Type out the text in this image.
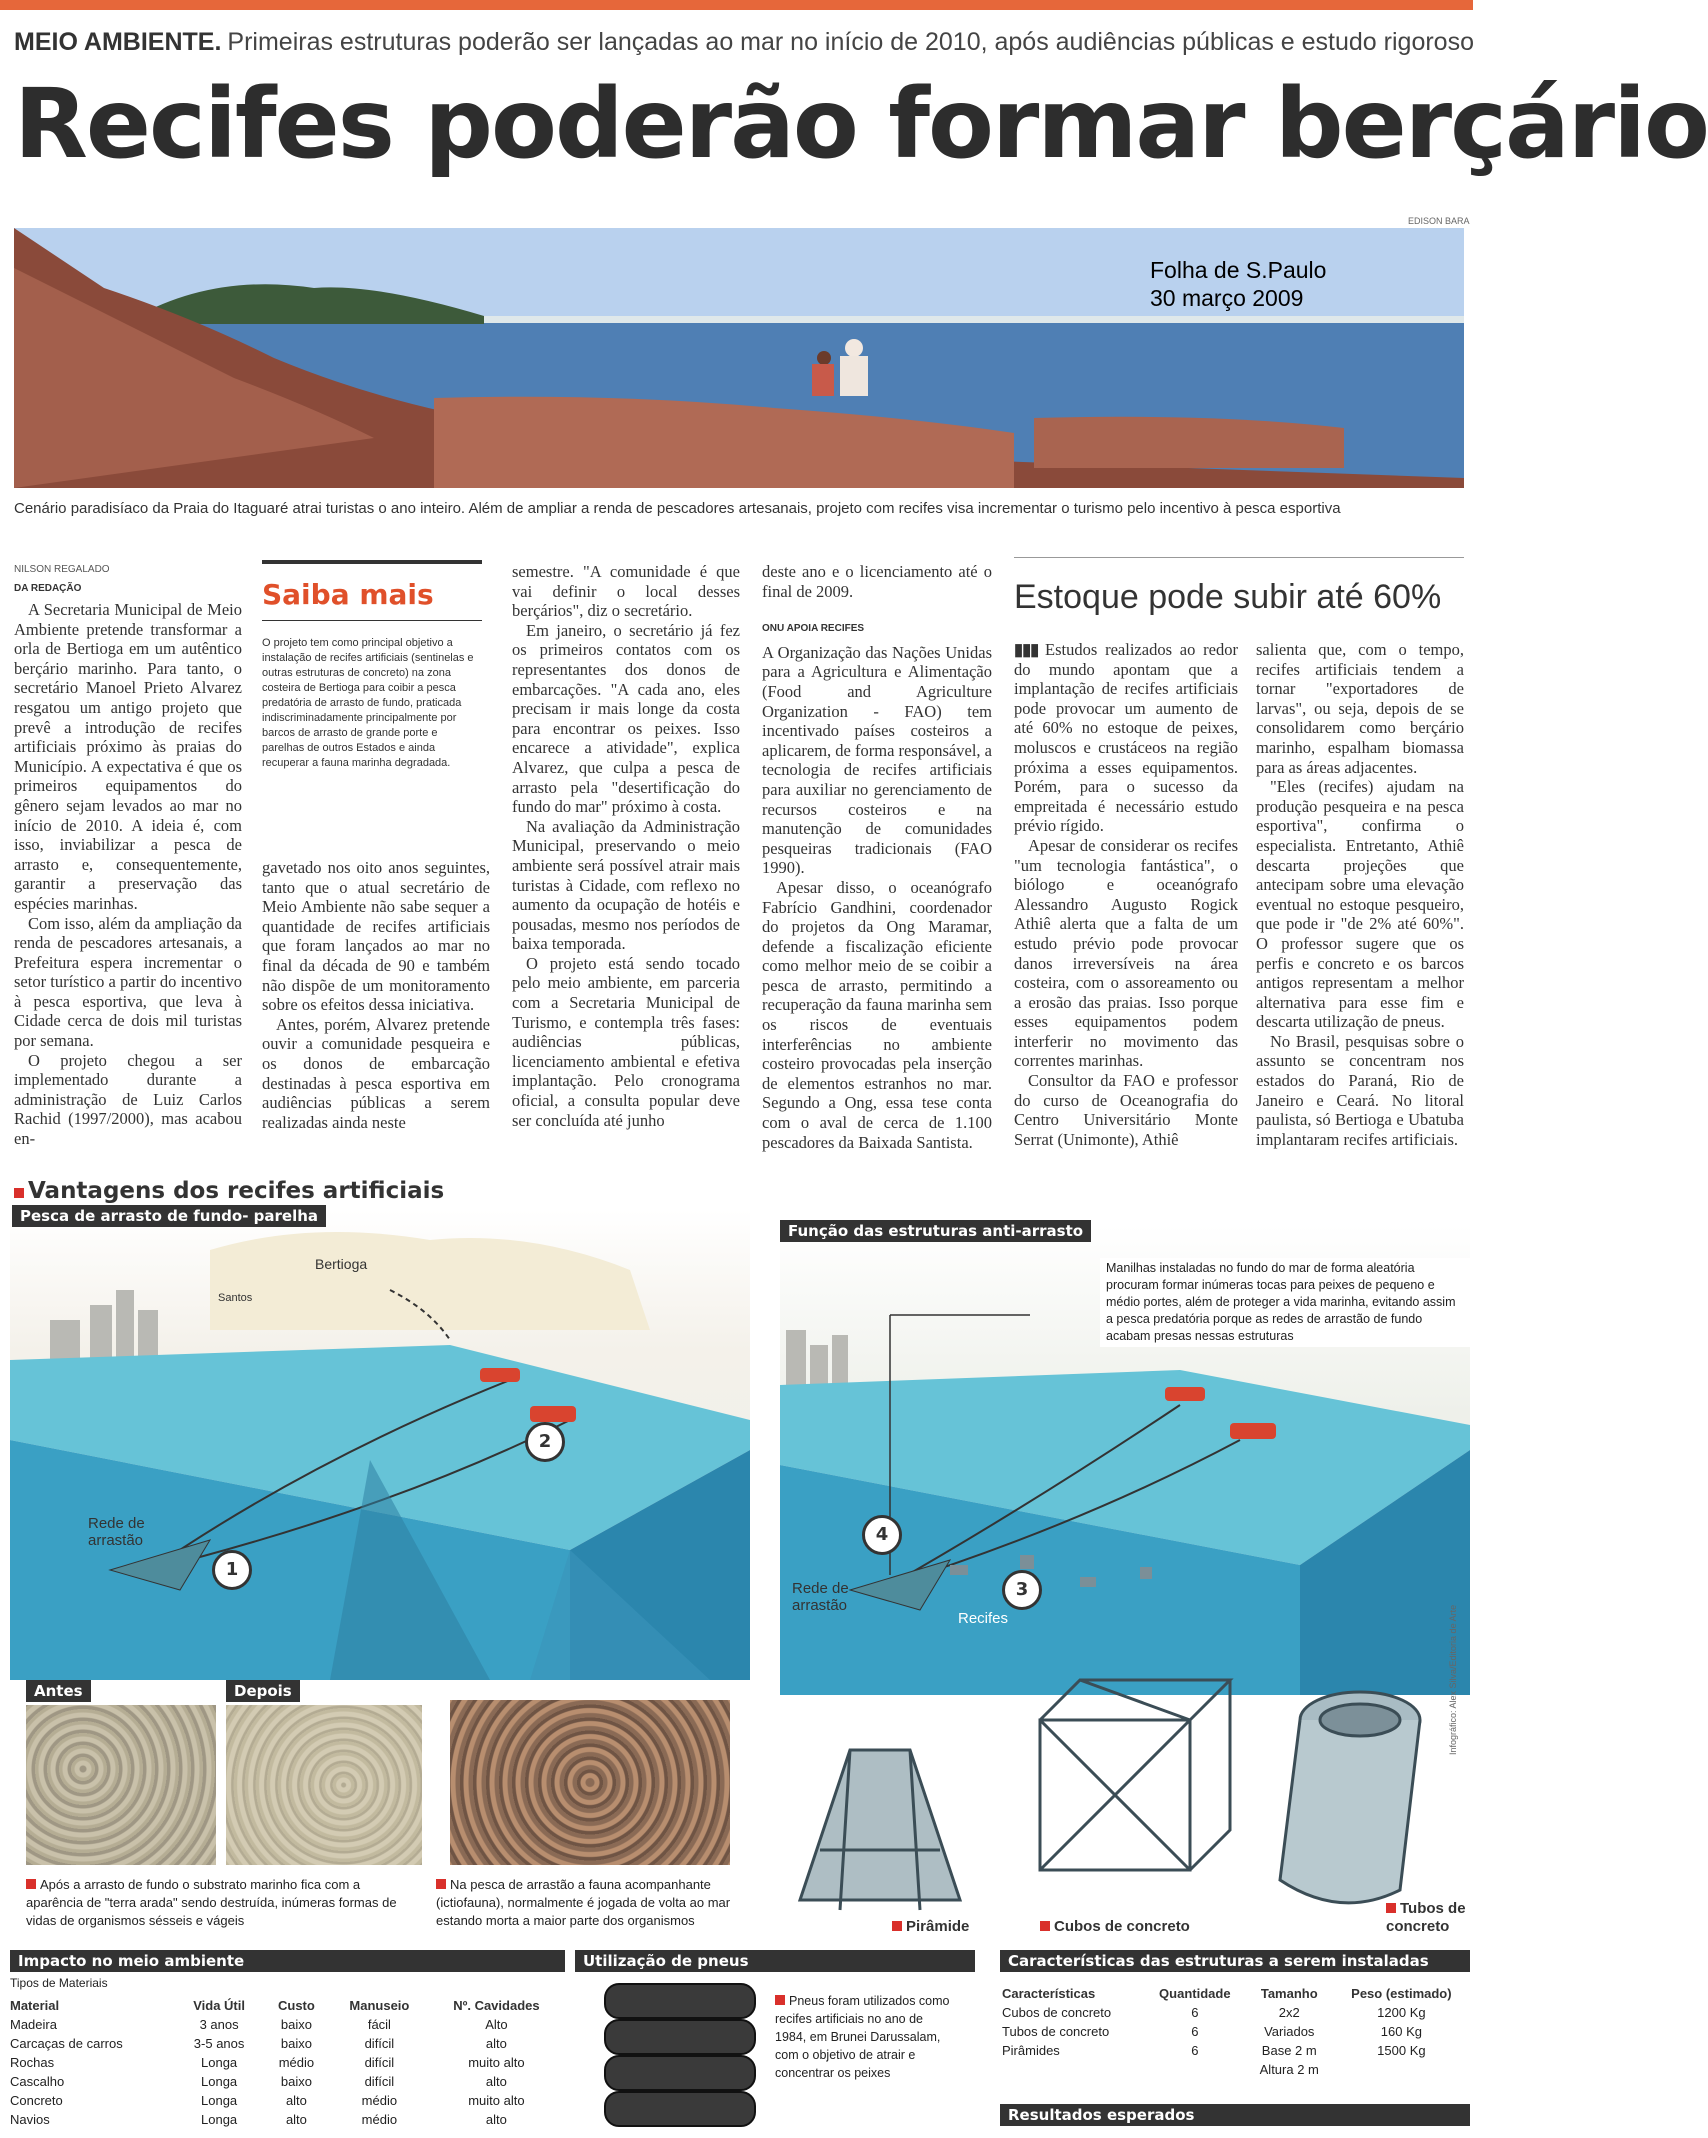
MEIO AMBIENTE. Primeiras estruturas poderão ser lançadas ao mar no início de 2010, após audiências públicas e estudo rigoroso
Recifes poderão formar berçário
EDISON BARA
Folha de S.Paulo
30 março 2009
Cenário paradisíaco da Praia do Itaguaré atrai turistas o ano inteiro. Além de ampliar a renda de pescadores artesanais, projeto com recifes visa incrementar o turismo pelo incentivo à pesca esportiva
NILSON REGALADO
DA REDAÇÃO

A Secretaria Municipal de Meio Ambiente pretende transformar a orla de Bertioga em um autêntico berçário marinho. Para tanto, o secretário Manoel Prieto Alvarez resgatou um antigo projeto que prevê a introdução de recifes artificiais próximo às praias do Município. A expectativa é que os primeiros equipamentos do gênero sejam levados ao mar no início de 2010. A ideia é, com isso, inviabilizar a pesca de arrasto e, consequentemente, garantir a preservação das espécies marinhas.

Com isso, além da ampliação da renda de pescadores artesanais, a Prefeitura espera incrementar o setor turístico a partir do incentivo à pesca esportiva, que leva à Cidade cerca de dois mil turistas por semana.

O projeto chegou a ser implementado durante a administração de Luiz Carlos Rachid (1997/2000), mas acabou en-

Saiba mais
O projeto tem como principal objetivo a instalação de recifes artificiais (sentinelas e outras estruturas de concreto) na zona costeira de Bertioga para coibir a pesca predatória de arrasto de fundo, praticada indiscriminadamente principalmente por barcos de arrasto de grande porte e parelhas de outros Estados e ainda recuperar a fauna marinha degradada.

gavetado nos oito anos seguintes, tanto que o atual secretário de Meio Ambiente não sabe sequer a quantidade de recifes artificiais que foram lançados ao mar no final da década de 90 e também não dispõe de um monitoramento sobre os efeitos dessa iniciativa.

Antes, porém, Alvarez pretende ouvir a comunidade pesqueira e os donos de embarcação destinadas à pesca esportiva em audiências públicas a serem realizadas ainda neste

semestre. "A comunidade é que vai definir o local desses berçários", diz o secretário.

Em janeiro, o secretário já fez os primeiros contatos com os representantes dos donos de embarcações. "A cada ano, eles precisam ir mais longe da costa para encontrar os peixes. Isso encarece a atividade", explica Alvarez, que culpa a pesca de arrasto pela "desertificação do fundo do mar" próximo à costa.

Na avaliação da Administração Municipal, preservando o meio ambiente será possível atrair mais turistas à Cidade, com reflexo no aumento da ocupação de hotéis e pousadas, mesmo nos períodos de baixa temporada.

O projeto está sendo tocado pelo meio ambiente, em parceria com a Secretaria Municipal de Turismo, e contempla três fases: audiências públicas, licenciamento ambiental e efetiva implantação. Pelo cronograma oficial, a consulta popular deve ser concluída até junho

deste ano e o licenciamento até o final de 2009.

ONU APOIA RECIFES

A Organização das Nações Unidas para a Agricultura e Alimentação (Food and Agriculture Organization - FAO) tem incentivado países costeiros a aplicarem, de forma responsável, a tecnologia de recifes artificiais para auxiliar no gerenciamento de recursos costeiros e na manutenção de comunidades pesqueiras tradicionais (FAO 1990).

Apesar disso, o oceanógrafo Fabrício Gandhini, coordenador do projetos da Ong Maramar, defende a fiscalização eficiente como melhor meio de se coibir a pesca de arrasto, permitindo a recuperação da fauna marinha sem os riscos de eventuais interferências no ambiente costeiro provocadas pela inserção de elementos estranhos no mar. Segundo a Ong, essa tese conta com o aval de cerca de 1.100 pescadores da Baixada Santista.

Estoque pode subir até 60%

▮▮▮ Estudos realizados ao redor do mundo apontam que a implantação de recifes artificiais pode provocar um aumento de até 60% no estoque de peixes, moluscos e crustáceos na região próxima a esses equipamentos. Porém, para o sucesso da empreitada é necessário estudo prévio rígido.

Apesar de considerar os recifes "um tecnologia fantástica", o biólogo e oceanógrafo Alessandro Augusto Rogick Athiê alerta que a falta de um estudo prévio pode provocar danos irreversíveis na área costeira, com o assoreamento ou a erosão das praias. Isso porque esses equipamentos podem interferir no movimento das correntes marinhas.

Consultor da FAO e professor do curso de Oceanografia do Centro Universitário Monte Serrat (Unimonte), Athiê

salienta que, com o tempo, recifes artificiais tendem a tornar "exportadores de larvas", ou seja, depois de se consolidarem como berçário marinho, espalham biomassa para as áreas adjacentes.

"Eles (recifes) ajudam na produção pesqueira e na pesca esportiva", confirma o especialista. Entretanto, Athiê descarta projeções que antecipam sobre uma elevação eventual no estoque pesqueiro, que pode ir "de 2% até 60%". O professor sugere que os perfis e concreto e os barcos antigos representam a melhor alternativa para esse fim e descarta utilização de pneus.

No Brasil, pesquisas sobre o assunto se concentram nos estados do Paraná, Rio de Janeiro e Ceará. No litoral paulista, só Bertioga e Ubatuba implantaram recifes artificiais.

Vantagens dos recifes artificiais
Pesca de arrasto de fundo- parelha
Bertioga
Santos
Rede de arrastão
1
2
Função das estruturas anti-arrasto
Manilhas instaladas no fundo do mar de forma aleatória procuram formar inúmeras tocas para peixes de pequeno e médio portes, além de proteger a vida marinha, evitando assim a pesca predatória porque as redes de arrastão de fundo acabam presas nessas estruturas
Rede de arrastão
Recifes
4
3
Infográfico: Alex Silva/Editoria de Arte
Antes	Depois
Após a arrasto de fundo o substrato marinho fica com a aparência de "terra arada" sendo destruída, inúmeras formas de vidas de organismos sésseis e vágeis
Na pesca de arrastão a fauna acompanhante (ictiofauna), normalmente é jogada de volta ao mar estando morta a maior parte dos organismos	Pirâmide	Cubos de concreto
Tubos de concreto
Impacto no meio ambiente
Tipos de Materiais
Material	Vida Útil	Custo	Manuseio	Nº. Cavidades
Madeira	3 anos	baixo	fácil	Alto
Carcaças de carros	3-5 anos	baixo	difícil	alto
Rochas	Longa	médio	difícil	muito alto
Cascalho	Longa	baixo	difícil	alto
Concreto	Longa	alto	médio	muito alto
Navios	Longa	alto	médio	alto
Utilização de pneus
Pneus foram utilizados como recifes artificiais no ano de 1984, em Brunei Darussalam, com o objetivo de atrair e concentrar os peixes
Características das estruturas a serem instaladas
Características	Quantidade	Tamanho	Peso (estimado)
Cubos de concreto	6	2x2	1200 Kg
Tubos de concreto	6	Variados	160 Kg
Pirâmides	6	Base 2 m	1500 Kg
		Altura 2 m	
Resultados esperados
